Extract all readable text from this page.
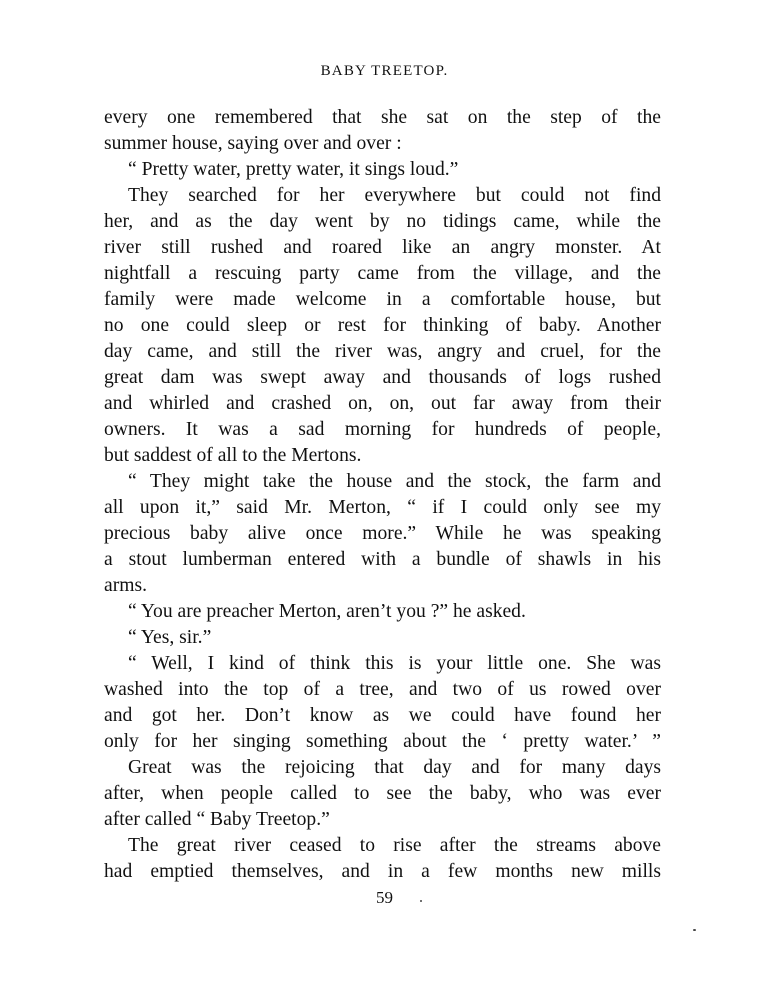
BABY TREETOP.
every one remembered that she sat on the step of the
summer house, saying over and over :
“ Pretty water, pretty water, it sings loud.”
They searched for her everywhere but could not find
her, and as the day went by no tidings came, while the
river still rushed and roared like an angry monster. At
nightfall a rescuing party came from the village, and the
family were made welcome in a comfortable house, but
no one could sleep or rest for thinking of baby. Another
day came, and still the river was, angry and cruel, for the
great dam was swept away and thousands of logs rushed
and whirled and crashed on, on, out far away from their
owners. It was a sad morning for hundreds of people,
but saddest of all to the Mertons.
“ They might take the house and the stock, the farm and
all upon it,” said Mr. Merton, “ if I could only see my
precious baby alive once more.” While he was speaking
a stout lumberman entered with a bundle of shawls in his
arms.
“ You are preacher Merton, aren’t you ?” he asked.
“ Yes, sir.”
“ Well, I kind of think this is your little one. She was
washed into the top of a tree, and two of us rowed over
and got her. Don’t know as we could have found her
only for her singing something about the ‘ pretty water.’ ”
Great was the rejoicing that day and for many days
after, when people called to see the baby, who was ever
after called “ Baby Treetop.”
The great river ceased to rise after the streams above
had emptied themselves, and in a few months new mills
59
